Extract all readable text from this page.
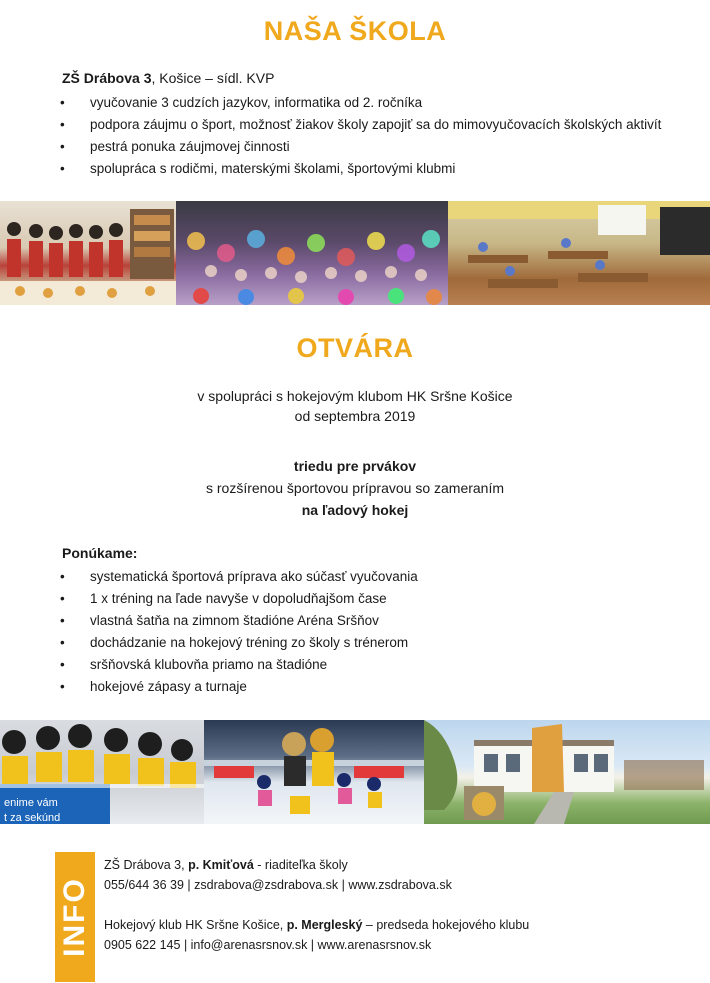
NAŠA ŠKOLA
ZŠ Drábova 3, Košice – sídl. KVP
• vyučovanie 3 cudzích jazykov, informatika od 2. ročníka
• podpora záujmu o šport, možnosť žiakov školy zapojiť sa do mimovyučovacích školských aktivít
• pestrá ponuka záujmovej činnosti
• spolupráca s rodičmi, materskými školami, športovými klubmi
OTVÁRA
v spolupráci s hokejovým klubom HK Sršne Košice
od septembra 2019
triedu pre prvákov
s rozšírenou športovou prípravou so zameraním
na ľadový hokej
Ponúkame:
• systematická športová príprava ako súčasť vyučovania
• 1 x tréning na ľade navyše v dopoludňajšom čase
• vlastná šatňa na zimnom štadióne Aréna Sršňov
• dochádzanie na hokejový tréning zo školy s trénerom
• sršňovská klubovňa priamo na štadióne
• hokejové zápasy a turnaje
enime vám
t za sekúnd
INFO
ZŠ Drábova 3, p. Kmiťová - riaditeľka školy
055/644 36 39 | zsdrabova@zsdrabova.sk | www.zsdrabova.sk
Hokejový klub HK Sršne Košice, p. Mergleský – predseda hokejového klubu
0905 622 145 | info@arenasrsnov.sk | www.arenasrsnov.sk
